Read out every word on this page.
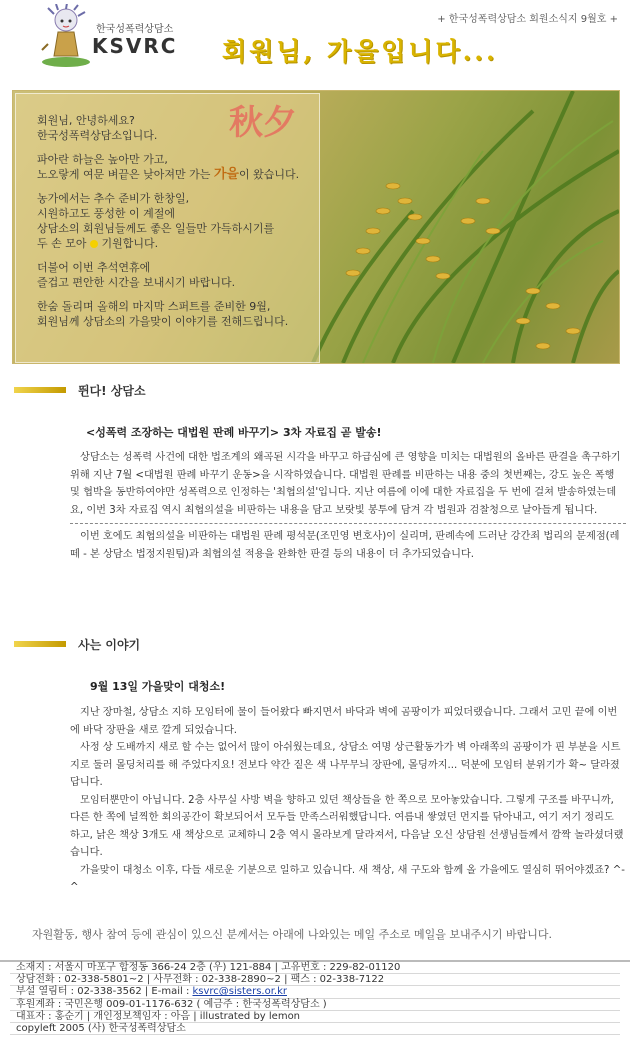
한국성폭력상담소
KSVRC
+ 한국성폭력상담소 회원소식지 9월호 +
회원님, 가을입니다...
秋夕

회원님, 안녕하세요?
한국성폭력상담소입니다.

파아란 하늘은 높아만 가고,
노오랗게 여문 벼끝은 낮아져만 가는 가을이 왔습니다.

농가에서는 추수 준비가 한창일,
시원하고도 풍성한 이 계절에
상담소의 회원님들께도 좋은 일들만 가득하시기를
두 손 모아  기원합니다.

더불어 이번 추석연휴에
즐겁고 편안한 시간을 보내시기 바랍니다.

한숨 돌리며 올해의 마지막 스퍼트를 준비한 9월,
회원님께 상담소의 가을맞이 이야기를 전해드립니다.

뛴다! 상담소
<성폭력 조장하는 대법원 판례 바꾸기> 3차 자료집 곧 발송!

상담소는 성폭력 사건에 대한 법조계의 왜곡된 시각을 바꾸고 하급심에 큰 영향을 미치는 대법원의 올바른 판결을 촉구하기 위해 지난 7월 <대법원 판례 바꾸기 운동>을 시작하였습니다. 대법원 판례를 비판하는 내용 중의 첫번째는, 강도 높은 폭행 및 협박을 동반하여야만 성폭력으로 인정하는 '최협의설'입니다. 지난 여름에 이에 대한 자료집을 두 번에 걸쳐 발송하였는데요, 이번 3차 자료집 역시 최협의설을 비판하는 내용을 담고 보랏빛 봉투에 담겨 각 법원과 검찰청으로 날아들게 됩니다.

이번 호에도 최협의설을 비판하는 대법원 판례 평석문(조민영 변호사)이 실리며, 판례속에 드러난 강간죄 법리의 문제점(레떼 - 본 상담소 법정지원팀)과 최협의설 적용을 완화한 판결 등의 내용이 더 추가되었습니다.

사는 이야기
9월 13일 가을맞이 대청소!

지난 장마철, 상담소 지하 모임터에 물이 들어왔다 빠지면서 바닥과 벽에 곰팡이가 피었더랬습니다. 그래서 고민 끝에 이번에 바닥 장판을 새로 깔게 되었습니다.

사정 상 도배까지 새로 할 수는 없어서 많이 아쉬웠는데요, 상담소 여명 상근활동가가 벽 아래쪽의 곰팡이가 핀 부분을 시트지로 둘러 몰딩처리를 해 주었다지요! 전보다 약간 짙은 색 나무무늬 장판에, 몰딩까지... 덕분에 모임터 분위기가 확~ 달라졌답니다.

모임터뿐만이 아닙니다. 2층 사무실 사방 벽을 향하고 있던 책상들을 한 쪽으로 모아놓았습니다. 그렇게 구조를 바꾸니까, 다른 한 쪽에 널찍한 회의공간이 확보되어서 모두들 만족스러워했답니다. 여름내 쌓였던 먼지를 닦아내고, 여기 저기 정리도 하고, 낡은 책상 3개도 새 책상으로 교체하니 2층 역시 몰라보게 달라져서, 다음날 오신 상담원 선생님들께서 깜짝 놀라셨더랬습니다.

가을맞이 대청소 이후, 다들 새로운 기분으로 일하고 있습니다. 새 책상, 새 구도와 함께 올 가을에도 열심히 뛰어야겠죠? ^-^

자원활동, 행사 참여 등에 관심이 있으신 분께서는 아래에 나와있는 메일 주소로 메일을 보내주시기 바랍니다.
소재지 : 서울시 마포구 합정동 366-24 2층 (우) 121-884 | 고유번호 : 229-82-01120
상담전화 : 02-338-5801~2 | 사무전화 : 02-338-2890~2 | 팩스 : 02-338-7122
부설 열림터 : 02-338-3562 | E-mail : ksvrc@sisters.or.kr
후원계좌 : 국민은행 009-01-1176-632 ( 예금주 : 한국성폭력상담소 )
대표자 : 홍순기 | 개인정보책임자 : 아음 | illustrated by lemon
copyleft 2005 (사) 한국성폭력상담소
